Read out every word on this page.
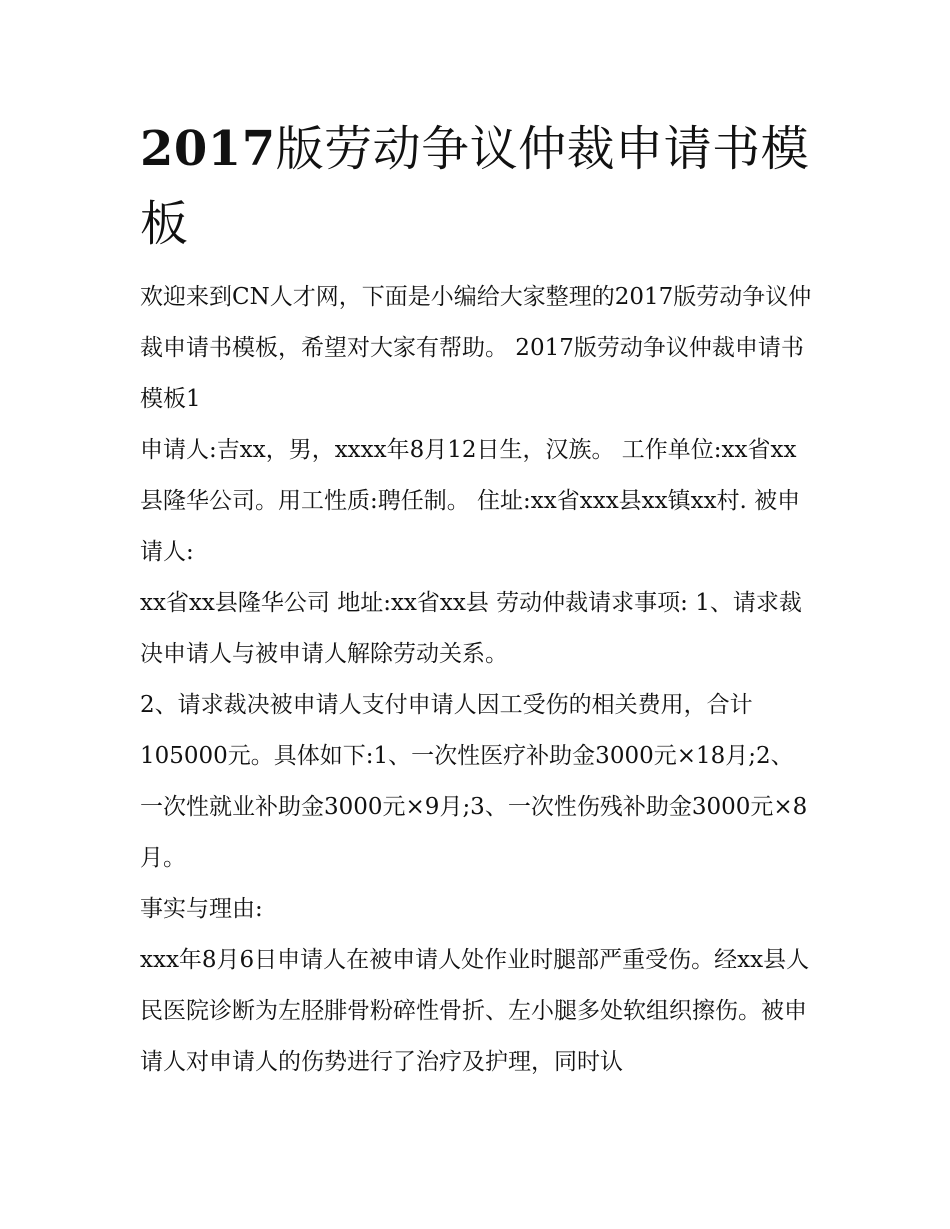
2017版劳动争议仲裁申请书模板

欢迎来到CN人才网，下面是小编给大家整理的2017版劳动争议仲裁申请书模板，希望对大家有帮助。 2017版劳动争议仲裁申请书模板1

申请人:吉xx，男，xxxx年8月12日生，汉族。 工作单位:xx省xx县隆华公司。用工性质:聘任制。 住址:xx省xxx县xx镇xx村. 被申请人:

xx省xx县隆华公司 地址:xx省xx县 劳动仲裁请求事项: 1、请求裁决申请人与被申请人解除劳动关系。

2、请求裁决被申请人支付申请人因工受伤的相关费用，合计105000元。具体如下:1、一次性医疗补助金3000元×18月;2、一次性就业补助金3000元×9月;3、一次性伤残补助金3000元×8月。

事实与理由:

xxx年8月6日申请人在被申请人处作业时腿部严重受伤。经xx县人民医院诊断为左胫腓骨粉碎性骨折、左小腿多处软组织擦伤。被申请人对申请人的伤势进行了治疗及护理，同时认
